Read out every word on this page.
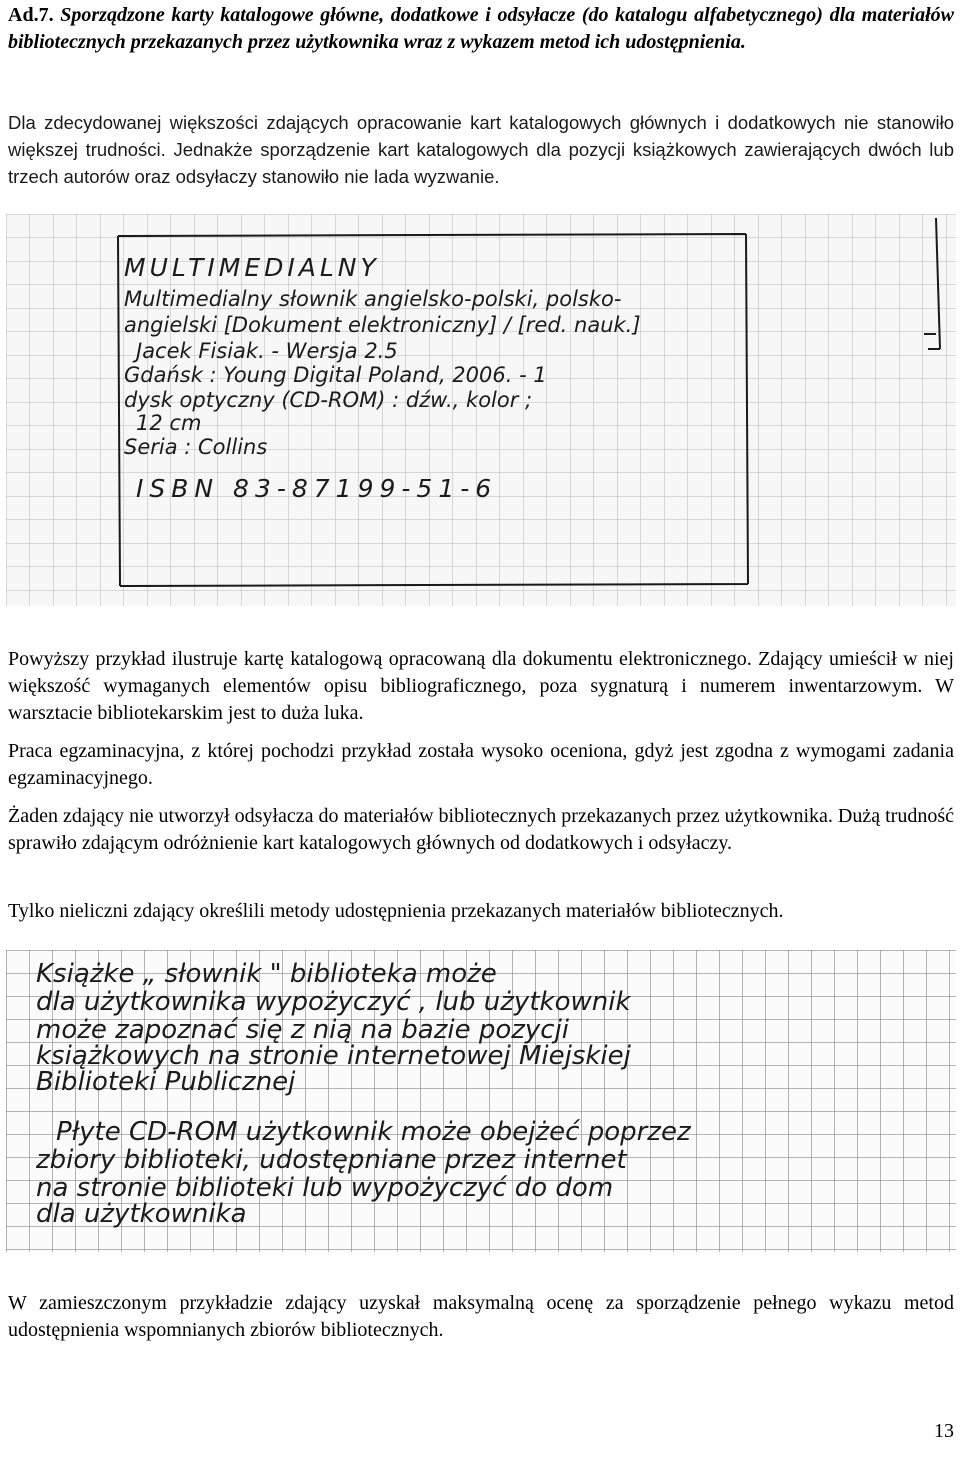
Ad.7. Sporządzone karty katalogowe główne, dodatkowe i odsyłacze (do katalogu alfabetycznego) dla materiałów bibliotecznych przekazanych przez użytkownika wraz z wykazem metod ich udostępnienia.

Dla zdecydowanej większości zdających opracowanie kart katalogowych głównych i dodatkowych nie stanowiło większej trudności. Jednakże sporządzenie kart katalogowych dla pozycji książkowych zawierających dwóch lub trzech autorów oraz odsyłaczy stanowiło nie lada wyzwanie.

MULTIMEDIALNY
Multimedialny słownik angielsko-polski, polsko-
angielski [Dokument elektroniczny] / [red. nauk.]
Jacek Fisiak. - Wersja 2.5
Gdańsk : Young Digital Poland, 2006. - 1
dysk optyczny (CD-ROM) : dźw., kolor ;
12 cm
Seria : Collins
ISBN 83-87199-51-6

Powyższy przykład ilustruje kartę katalogową opracowaną dla dokumentu elektronicznego. Zdający umieścił w niej większość wymaganych elementów opisu bibliograficznego, poza sygnaturą i numerem inwentarzowym. W warsztacie bibliotekarskim jest to duża luka.

Praca egzaminacyjna, z której pochodzi przykład została wysoko oceniona, gdyż jest zgodna z wymogami zadania egzaminacyjnego.

Żaden zdający nie utworzył odsyłacza do materiałów bibliotecznych przekazanych przez użytkownika. Dużą trudność sprawiło zdającym odróżnienie kart katalogowych głównych od dodatkowych i odsyłaczy.

Tylko nieliczni zdający określili metody udostępnienia przekazanych materiałów bibliotecznych.

Książke „ słownik " biblioteka może
dla użytkownika wypożyczyć , lub użytkownik
może zapoznać się z nią na bazie pozycji
książkowych na stronie internetowej Miejskiej
Biblioteki Publicznej
Płyte CD-ROM użytkownik może obejżeć poprzez
zbiory biblioteki, udostępniane przez internet
na stronie biblioteki lub wypożyczyć do dom
dla użytkownika

W zamieszczonym przykładzie zdający uzyskał maksymalną ocenę za sporządzenie pełnego wykazu metod udostępnienia wspomnianych zbiorów bibliotecznych.

13
